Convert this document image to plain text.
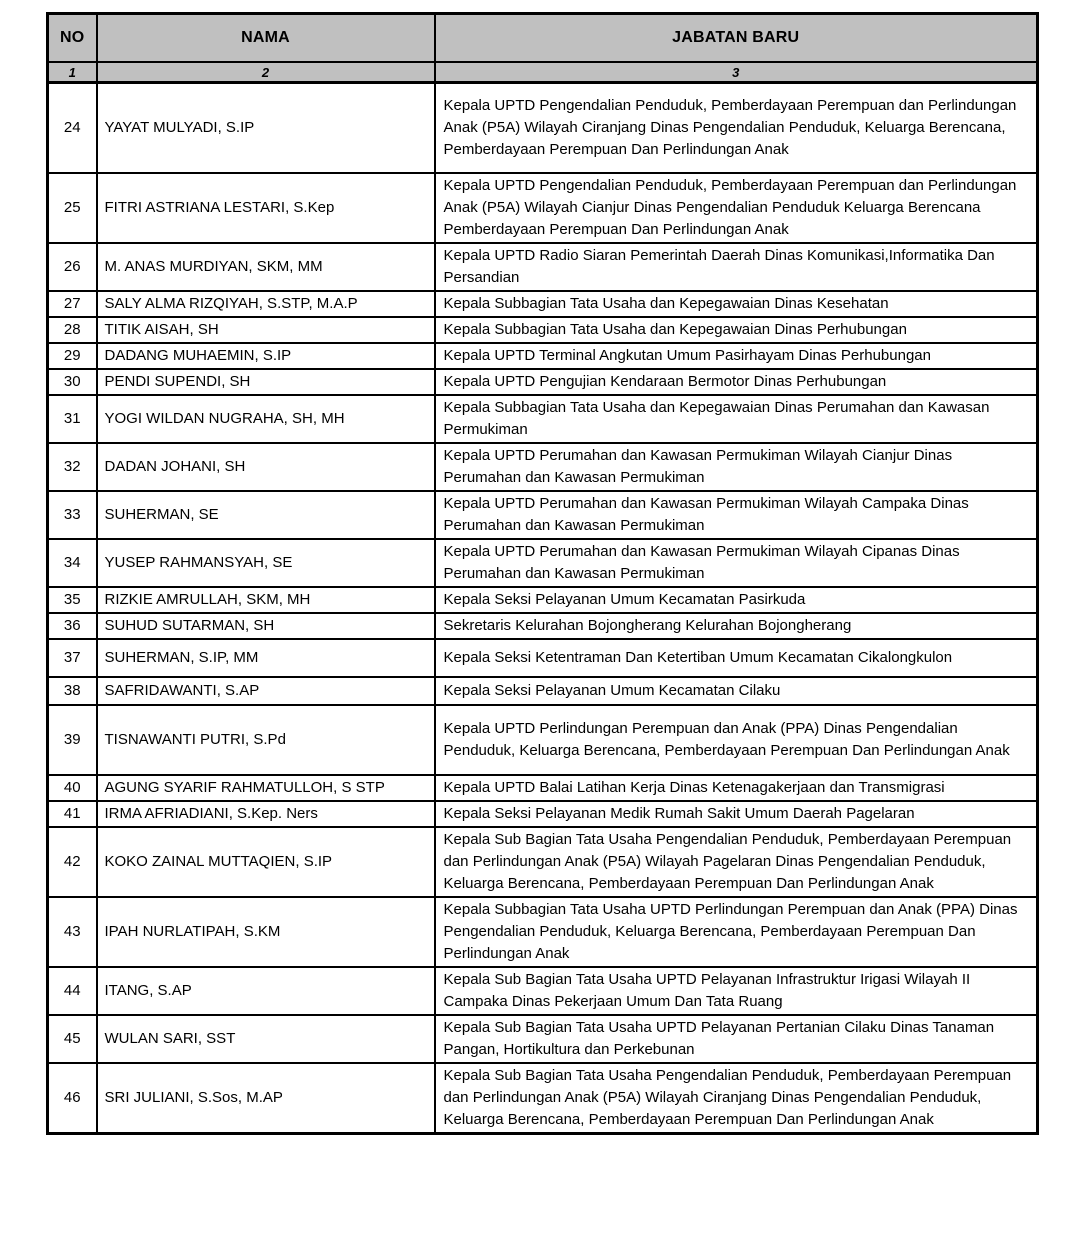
NO	NAMA	JABATAN BARU
1	2	3
24	YAYAT MULYADI, S.IP	Kepala UPTD Pengendalian Penduduk, Pemberdayaan Perempuan dan Perlindungan Anak (P5A) Wilayah Ciranjang Dinas Pengendalian Penduduk, Keluarga Berencana, Pemberdayaan Perempuan Dan Perlindungan Anak
25	FITRI ASTRIANA LESTARI, S.Kep	Kepala UPTD Pengendalian Penduduk, Pemberdayaan Perempuan dan Perlindungan Anak (P5A) Wilayah Cianjur Dinas Pengendalian Penduduk Keluarga Berencana Pemberdayaan Perempuan Dan Perlindungan Anak
26	M. ANAS MURDIYAN, SKM, MM	Kepala UPTD Radio Siaran Pemerintah Daerah Dinas Komunikasi,Informatika Dan Persandian
27	SALY ALMA RIZQIYAH, S.STP, M.A.P	Kepala Subbagian Tata Usaha dan Kepegawaian Dinas Kesehatan
28	TITIK AISAH, SH	Kepala Subbagian Tata Usaha dan Kepegawaian Dinas Perhubungan
29	DADANG MUHAEMIN, S.IP	Kepala UPTD Terminal Angkutan Umum Pasirhayam Dinas Perhubungan
30	PENDI SUPENDI, SH	Kepala UPTD Pengujian Kendaraan Bermotor Dinas Perhubungan
31	YOGI WILDAN NUGRAHA, SH, MH	Kepala Subbagian Tata Usaha dan Kepegawaian Dinas Perumahan dan Kawasan Permukiman
32	DADAN JOHANI, SH	Kepala UPTD Perumahan dan Kawasan Permukiman Wilayah Cianjur Dinas Perumahan dan Kawasan Permukiman
33	SUHERMAN, SE	Kepala UPTD Perumahan dan Kawasan Permukiman Wilayah Campaka Dinas Perumahan dan Kawasan Permukiman
34	YUSEP RAHMANSYAH, SE	Kepala UPTD Perumahan dan Kawasan Permukiman Wilayah Cipanas Dinas Perumahan dan Kawasan Permukiman
35	RIZKIE AMRULLAH, SKM, MH	Kepala Seksi Pelayanan Umum Kecamatan Pasirkuda
36	SUHUD SUTARMAN, SH	Sekretaris Kelurahan Bojongherang Kelurahan Bojongherang
37	SUHERMAN, S.IP, MM	Kepala Seksi Ketentraman Dan Ketertiban Umum Kecamatan Cikalongkulon
38	SAFRIDAWANTI, S.AP	Kepala Seksi Pelayanan Umum Kecamatan Cilaku
39	TISNAWANTI PUTRI, S.Pd	Kepala UPTD Perlindungan Perempuan dan Anak (PPA) Dinas Pengendalian Penduduk, Keluarga Berencana, Pemberdayaan Perempuan Dan Perlindungan Anak
40	AGUNG SYARIF RAHMATULLOH, S STP	Kepala UPTD Balai Latihan Kerja Dinas Ketenagakerjaan dan Transmigrasi
41	IRMA AFRIADIANI, S.Kep. Ners	Kepala Seksi Pelayanan Medik Rumah Sakit Umum Daerah Pagelaran
42	KOKO ZAINAL MUTTAQIEN, S.IP	Kepala Sub Bagian Tata Usaha Pengendalian Penduduk, Pemberdayaan Perempuan dan Perlindungan Anak (P5A) Wilayah Pagelaran Dinas Pengendalian Penduduk, Keluarga Berencana, Pemberdayaan Perempuan Dan Perlindungan Anak
43	IPAH NURLATIPAH, S.KM	Kepala Subbagian Tata Usaha UPTD Perlindungan Perempuan dan Anak (PPA) Dinas Pengendalian Penduduk, Keluarga Berencana, Pemberdayaan Perempuan Dan Perlindungan Anak
44	ITANG, S.AP	Kepala Sub Bagian Tata Usaha UPTD Pelayanan Infrastruktur Irigasi Wilayah II Campaka Dinas Pekerjaan Umum Dan Tata Ruang
45	WULAN SARI, SST	Kepala Sub Bagian Tata Usaha UPTD Pelayanan Pertanian Cilaku Dinas Tanaman Pangan, Hortikultura dan Perkebunan
46	SRI JULIANI, S.Sos, M.AP	Kepala Sub Bagian Tata Usaha Pengendalian Penduduk, Pemberdayaan Perempuan dan Perlindungan Anak (P5A) Wilayah Ciranjang Dinas Pengendalian Penduduk, Keluarga Berencana, Pemberdayaan Perempuan Dan Perlindungan Anak
